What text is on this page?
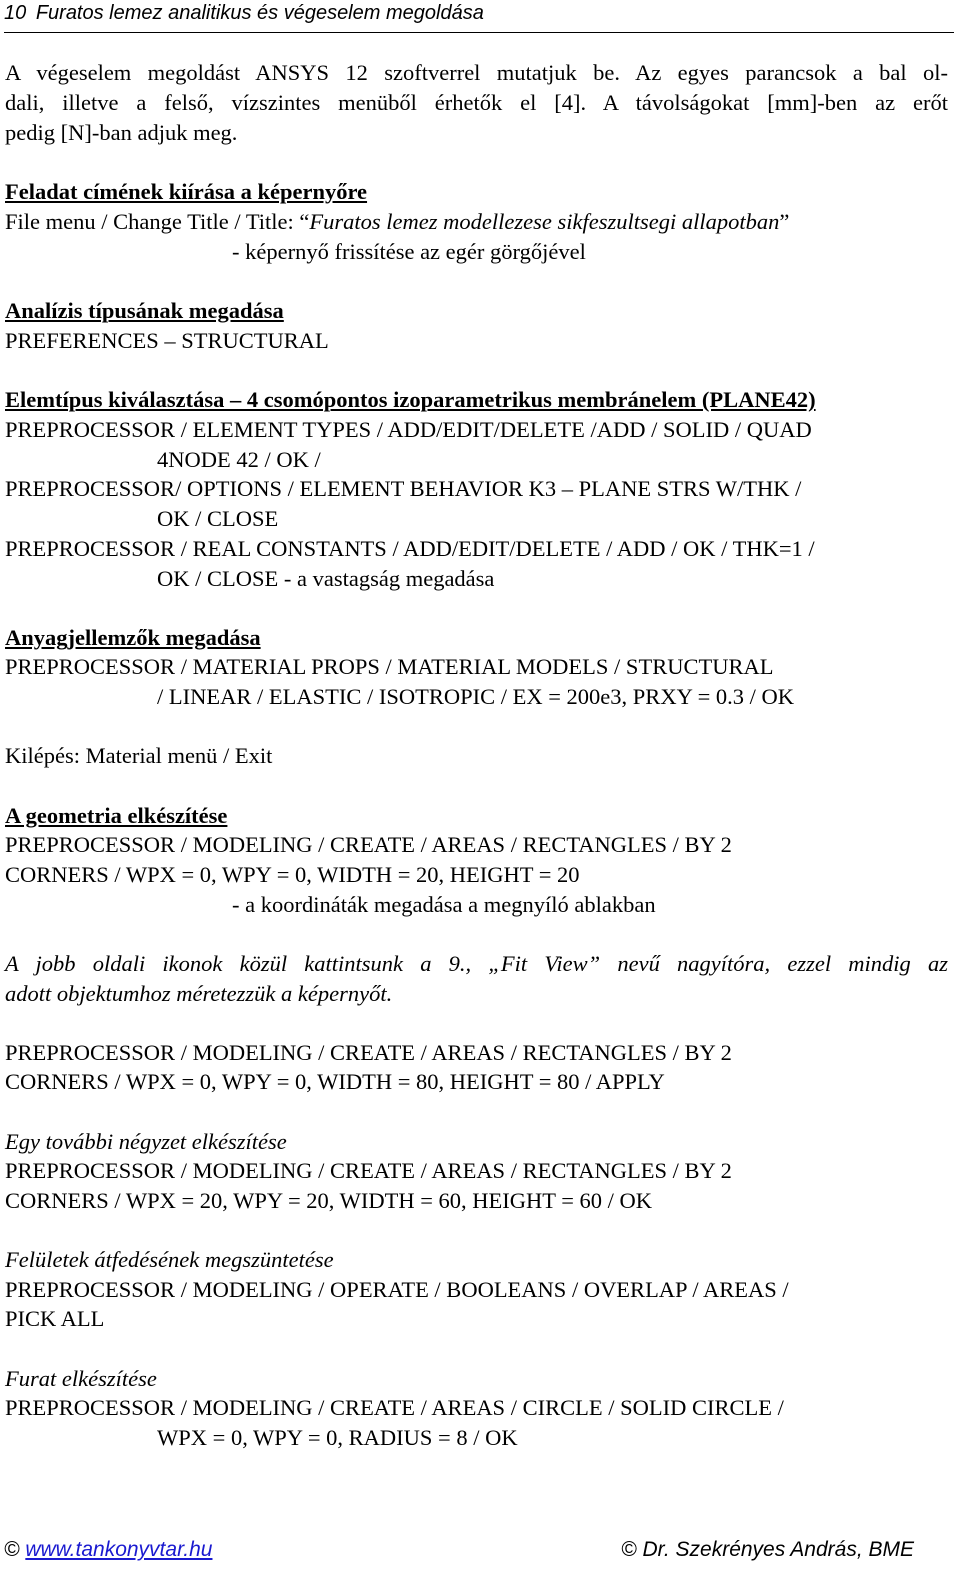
10 Furatos lemez analitikus és végeselem megoldása
A végeselem megoldást ANSYS 12 szoftverrel mutatjuk be. Az egyes parancsok a bal ol-
dali, illetve a felső, vízszintes menüből érhetők el [4]. A távolságokat [mm]-ben az erőt
pedig [N]-ban adjuk meg.
Feladat címének kiírása a képernyőre
File menu / Change Title / Title: “Furatos lemez modellezese sikfeszultsegi allapotban”
- képernyő frissítése az egér görgőjével
Analízis típusának megadása
PREFERENCES – STRUCTURAL
Elemtípus kiválasztása – 4 csomópontos izoparametrikus membránelem (PLANE42)
PREPROCESSOR / ELEMENT TYPES / ADD/EDIT/DELETE /ADD / SOLID / QUAD
4NODE 42 / OK /
PREPROCESSOR/ OPTIONS / ELEMENT BEHAVIOR K3 – PLANE STRS W/THK /
OK / CLOSE
PREPROCESSOR / REAL CONSTANTS / ADD/EDIT/DELETE / ADD / OK / THK=1 /
OK / CLOSE - a vastagság megadása
Anyagjellemzők megadása
PREPROCESSOR / MATERIAL PROPS / MATERIAL MODELS / STRUCTURAL
/ LINEAR / ELASTIC / ISOTROPIC / EX = 200e3, PRXY = 0.3 / OK
Kilépés: Material menü / Exit
A geometria elkészítése
PREPROCESSOR / MODELING / CREATE / AREAS / RECTANGLES / BY 2
CORNERS / WPX = 0, WPY = 0, WIDTH = 20, HEIGHT = 20
- a koordináták megadása a megnyíló ablakban
A jobb oldali ikonok közül kattintsunk a 9., „Fit View” nevű nagyítóra, ezzel mindig az
adott objektumhoz méretezzük a képernyőt.
PREPROCESSOR / MODELING / CREATE / AREAS / RECTANGLES / BY 2
CORNERS / WPX = 0, WPY = 0, WIDTH = 80, HEIGHT = 80 / APPLY
Egy további négyzet elkészítése
PREPROCESSOR / MODELING / CREATE / AREAS / RECTANGLES / BY 2
CORNERS / WPX = 20, WPY = 20, WIDTH = 60, HEIGHT = 60 / OK
Felületek átfedésének megszüntetése
PREPROCESSOR / MODELING / OPERATE / BOOLEANS / OVERLAP / AREAS /
PICK ALL
Furat elkészítése
PREPROCESSOR / MODELING / CREATE / AREAS / CIRCLE / SOLID CIRCLE /
WPX = 0, WPY = 0, RADIUS = 8 / OK
© www.tankonyvtar.hu	© Dr. Szekrényes András, BME
